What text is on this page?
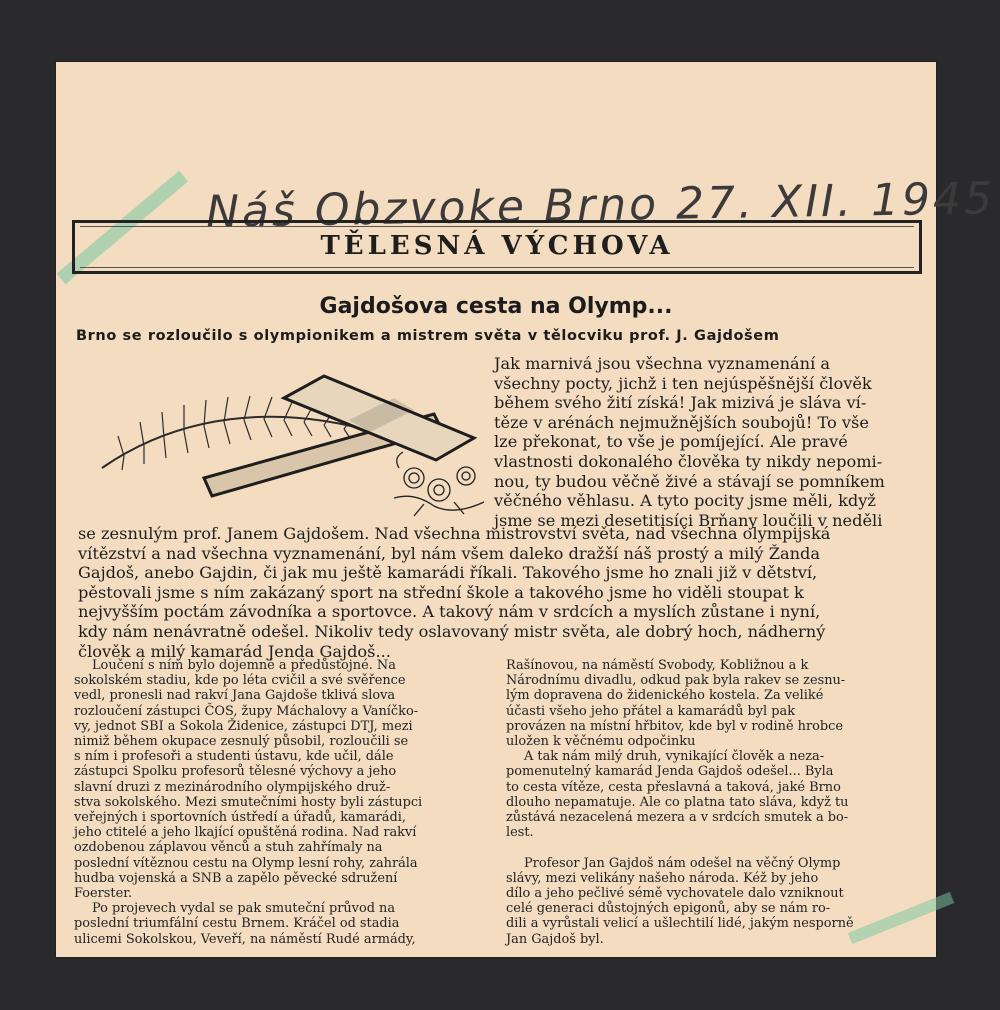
Náš Obzvoke Brno 27. XII. 1945
TĚLESNÁ VÝCHOVA
Gajdošova cesta na Olymp...
Brno se rozloučilo s olympionikem a mistrem světa v tělocviku prof. J. Gajdošem
Jak marnivá jsou všechna vyznamenání a
všechny pocty, jichž i ten nejúspěšnější člověk
během svého žití získá! Jak mizivá je sláva ví-
těze v arénách nejmužnějších soubojů! To vše
lze překonat, to vše je pomíjející. Ale pravé
vlastnosti dokonalého člověka ty nikdy nepomi-
nou, ty budou věčně živé a stávají se pomníkem
věčného věhlasu. A tyto pocity jsme měli, když
jsme se mezi desetitisíci Brňany loučili v neděli
se zesnulým prof. Janem Gajdošem. Nad všechna mistrovství světa, nad všechna olympijská
vítězství a nad všechna vyznamenání, byl nám všem daleko dražší náš prostý a milý Žanda
Gajdoš, anebo Gajdin, či jak mu ještě kamarádi říkali. Takového jsme ho znali již v dětství,
pěstovali jsme s ním zakázaný sport na střední škole a takového jsme ho viděli stoupat k
nejvyšším poctám závodníka a sportovce. A takový nám v srdcích a myslích zůstane i nyní,
kdy nám nenávratně odešel. Nikoliv tedy oslavovaný mistr světa, ale dobrý hoch, nádherný
člověk a milý kamarád Jenda Gajdoš...
Loučení s ním bylo dojemné a předůstojné. Na
sokolském stadiu, kde po léta cvičil a své svěřence
vedl, pronesli nad rakví Jana Gajdoše tklivá slova
rozloučení zástupci ČOS, župy Máchalovy a Vaníčko-
vy, jednot SBI a Sokola Židenice, zástupci DTJ, mezi
nimiž během okupace zesnulý působil, rozloučili se
s ním i profesoři a studenti ústavu, kde učil, dále
zástupci Spolku profesorů tělesné výchovy a jeho
slavní druzi z mezinárodního olympijského druž-
stva sokolského. Mezi smutečními hosty byli zástupci
veřejných i sportovních ústředí a úřadů, kamarádi,
jeho ctitelé a jeho lkající opuštěná rodina. Nad rakví
ozdobenou záplavou věnců a stuh zahřímaly na
poslední vítěznou cestu na Olymp lesní rohy, zahrála
hudba vojenská a SNB a zapělo pěvecké sdružení
Foerster.
Po projevech vydal se pak smuteční průvod na
poslední triumfální cestu Brnem. Kráčel od stadia
ulicemi Sokolskou, Veveří, na náměstí Rudé armády,
Rašínovou, na náměstí Svobody, Kobližnou a k
Národnímu divadlu, odkud pak byla rakev se zesnu-
lým dopravena do židenického kostela. Za veliké
účasti všeho jeho přátel a kamarádů byl pak
provázen na místní hřbitov, kde byl v rodině hrobce
uložen k věčnému odpočinku
A tak nám milý druh, vynikající člověk a neza-
pomenutelný kamarád Jenda Gajdoš odešel... Byla
to cesta vítěze, cesta přeslavná a taková, jaké Brno
dlouho nepamatuje. Ale co platna tato sláva, když tu
zůstává nezacelená mezera a v srdcích smutek a bo-
lest.

Profesor Jan Gajdoš nám odešel na věčný Olymp
slávy, mezi velikány našeho národa. Kéž by jeho
dílo a jeho pečlivé sémě vychovatele dalo vzniknout
celé generaci důstojných epigonů, aby se nám ro-
dili a vyrůstali velicí a ušlechtilí lidé, jakým nesporně
Jan Gajdoš byl.
